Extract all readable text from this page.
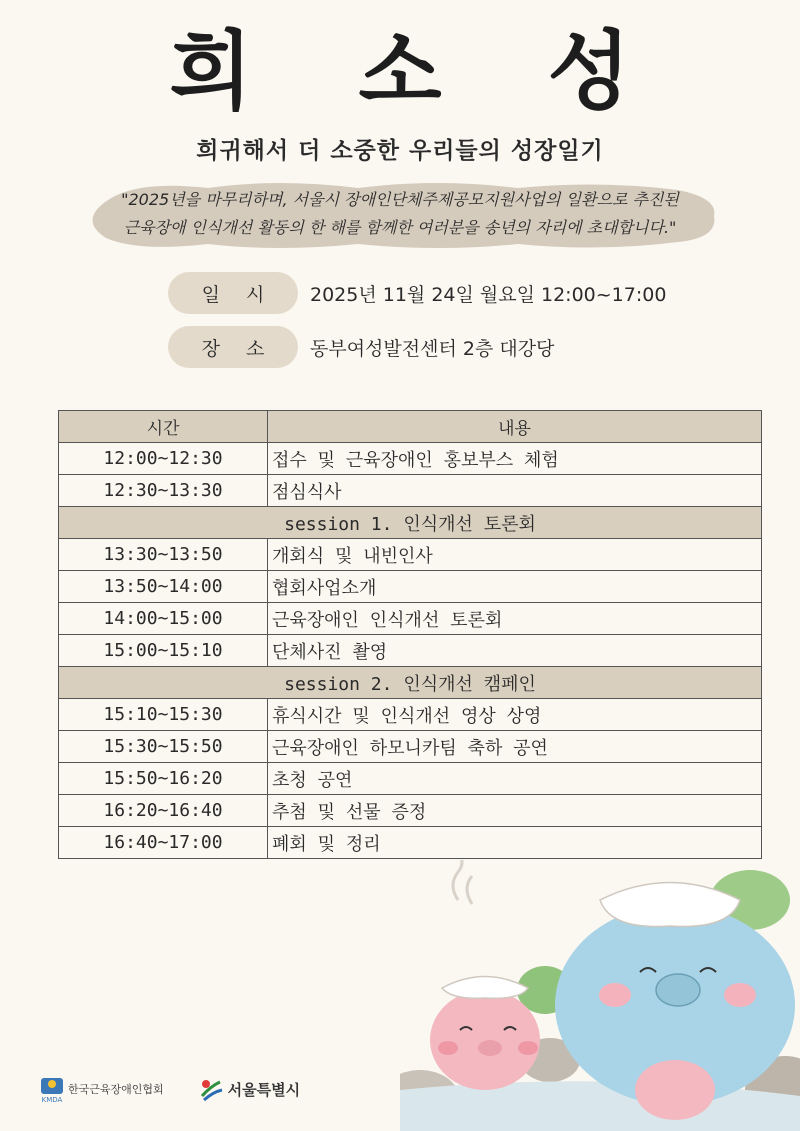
희 소 성
희귀해서 더 소중한 우리들의 성장일기
"2025년을 마무리하며, 서울시 장애인단체주제공모지원사업의 일환으로 추진된
근육장애 인식개선 활동의 한 해를 함께한 여러분을 송년의 자리에 초대합니다."
일시	2025년 11월 24일 월요일 12:00~17:00
장소	동부여성발전센터 2층 대강당
시간	내용
12:00~12:30	접수 및 근육장애인 홍보부스 체험
12:30~13:30	점심식사
session 1. 인식개선 토론회	
13:30~13:50	개회식 및 내빈인사
13:50~14:00	협회사업소개
14:00~15:00	근육장애인 인식개선 토론회
15:00~15:10	단체사진 촬영
session 2. 인식개선 캠페인	
15:10~15:30	휴식시간 및 인식개선 영상 상영
15:30~15:50	근육장애인 하모니카팀 축하 공연
15:50~16:20	초청 공연
16:20~16:40	추첨 및 선물 증정
16:40~17:00	폐회 및 정리
KMDA
한국근육장애인협회	서울특별시
